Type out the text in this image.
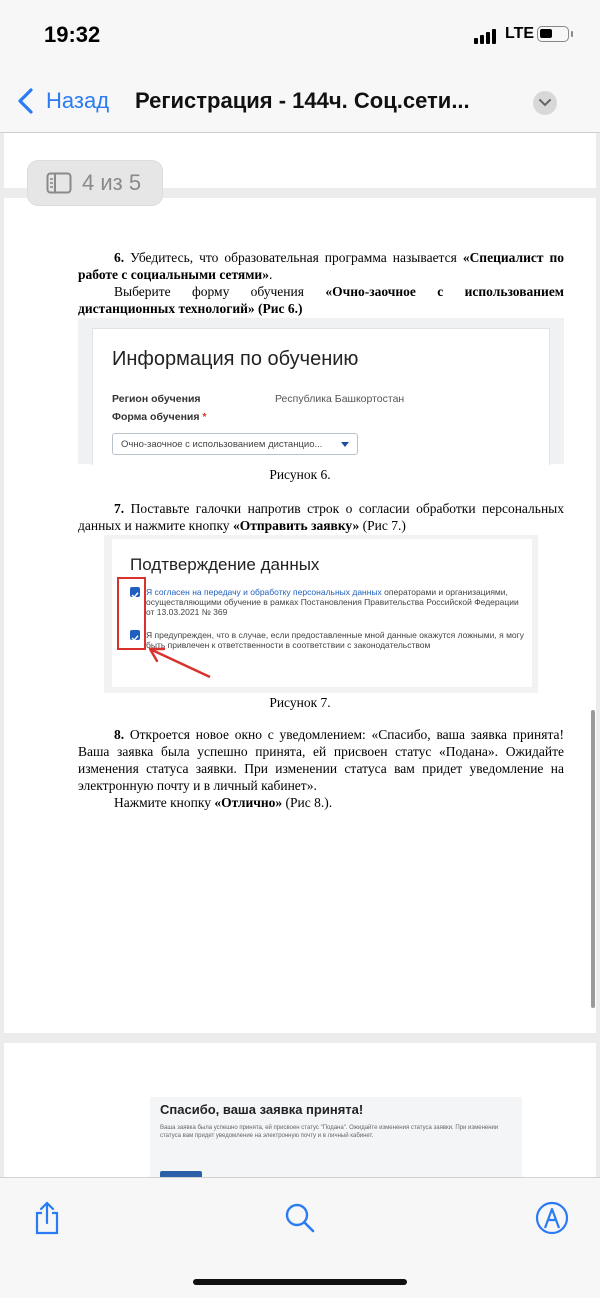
19:32	LTE
Назад Регистрация - 144ч. Соц.сети...
4 из 5

6. Убедитесь, что образовательная программа называется «Специалист по работе с социальными сетями».

Выберите форму обучения «Очно-заочное с использованием дистанционных технологий» (Рис 6.)

Информация по обучению
Регион обучения	Республика Башкортостан
Форма обучения *
Очно-заочное с использованием дистанцио...
Рисунок 6.

7. Поставьте галочки напротив строк о согласии обработки персональных данных и нажмите кнопку «Отправить заявку» (Рис 7.)

Подтверждение данных
Я согласен на передачу и обработку персональных данных операторами и организациями, осуществляющими обучение в рамках Постановления Правительства Российской Федерации от 13.03.2021 № 369
Я предупрежден, что в случае, если предоставленные мной данные окажутся ложными, я могу быть привлечен к ответственности в соответствии с законодательством
Рисунок 7.

8. Откроется новое окно с уведомлением: «Спасибо, ваша заявка принята! Ваша заявка была успешно принята, ей присвоен статус «Подана». Ожидайте изменения статуса заявки. При изменении статуса вам придет уведомление на электронную почту и в личный кабинет».

Нажмите кнопку «Отлично» (Рис 8.).

Спасибо, ваша заявка принята!
Ваша заявка была успешно принята, ей присвоен статус "Подана". Ожидайте изменения статуса заявки. При изменении статуса вам придет уведомление на электронную почту и в личный кабинет.
